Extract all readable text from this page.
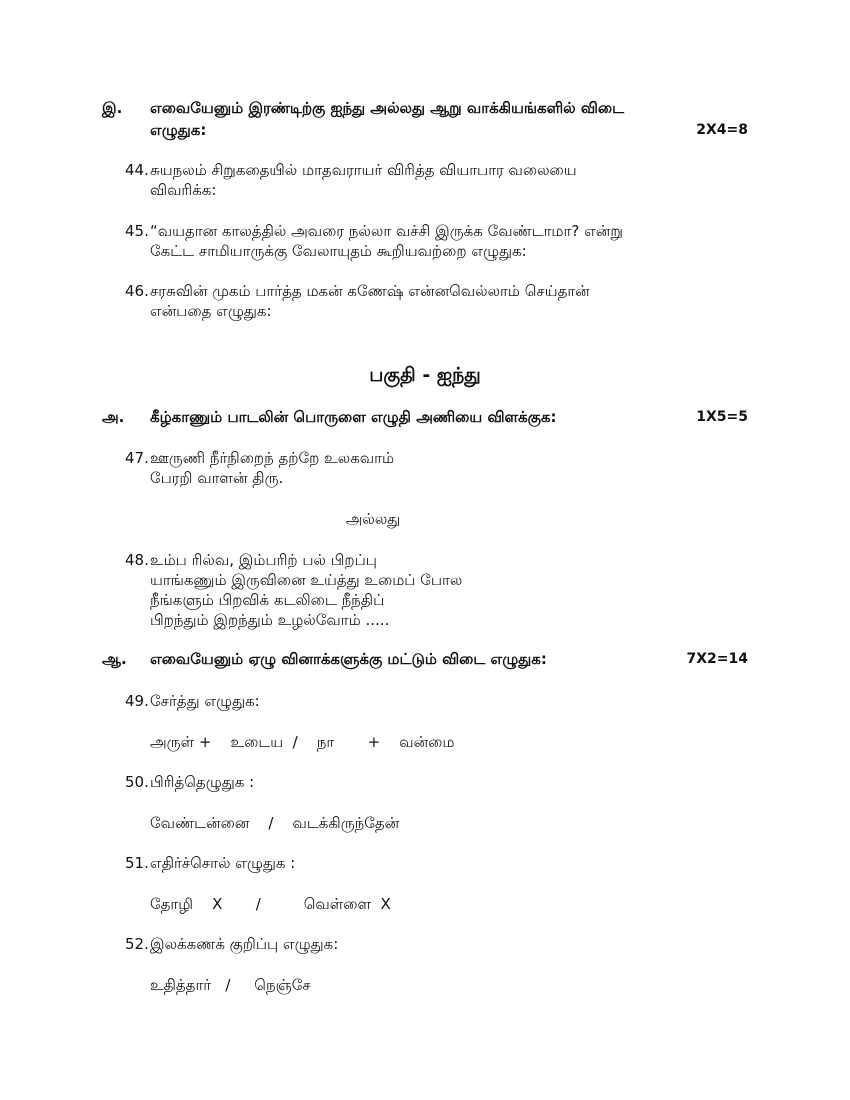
இ. எவையேனும் இரண்டிற்கு ஐந்து அல்லது ஆறு வாக்கியங்களில் விடை
எழுதுக:	2X4=8
44. சுயநலம் சிறுகதையில் மாதவராயர் விரித்த வியாபார வலையை
விவரிக்க:
45. “வயதான காலத்தில் அவரை நல்லா வச்சி இருக்க வேண்டாமா? என்று
கேட்ட சாமியாருக்கு வேலாயுதம் கூறியவற்றை எழுதுக:
46. சரசுவின் முகம் பார்த்த மகன் கணேஷ் என்னவெல்லாம் செய்தான்
என்பதை எழுதுக:
பகுதி - ஐந்து
அ. கீழ்காணும் பாடலின் பொருளை எழுதி அணியை விளக்குக:	1X5=5
47. ஊருணி நீர்நிறைந் தற்றே உலகவாம்
பேரறி வாளன் திரு.
அல்லது
48. உம்ப ரில்வ, இம்பரிற் பல் பிறப்பு
யாங்கணும் இருவினை உய்த்து உமைப் போல
நீங்களும் பிறவிக் கடலிடை நீந்திப்
பிறந்தும் இறந்தும் உழல்வோம் .....
ஆ. எவையேனும் ஏழு வினாக்களுக்கு மட்டும் விடை எழுதுக:	7X2=14
49. சேர்த்து எழுதுக:
அருள் +    உடைய  /    நா       +    வன்மை
50. பிரித்தெழுதுக :
வேண்டன்னை    /    வடக்கிருந்தேன்
51. எதிர்ச்சொல் எழுதுக :
தோழி    X       /         வெள்ளை  X
52. இலக்கணக் குறிப்பு எழுதுக:
உதித்தார்   /     நெஞ்சே
